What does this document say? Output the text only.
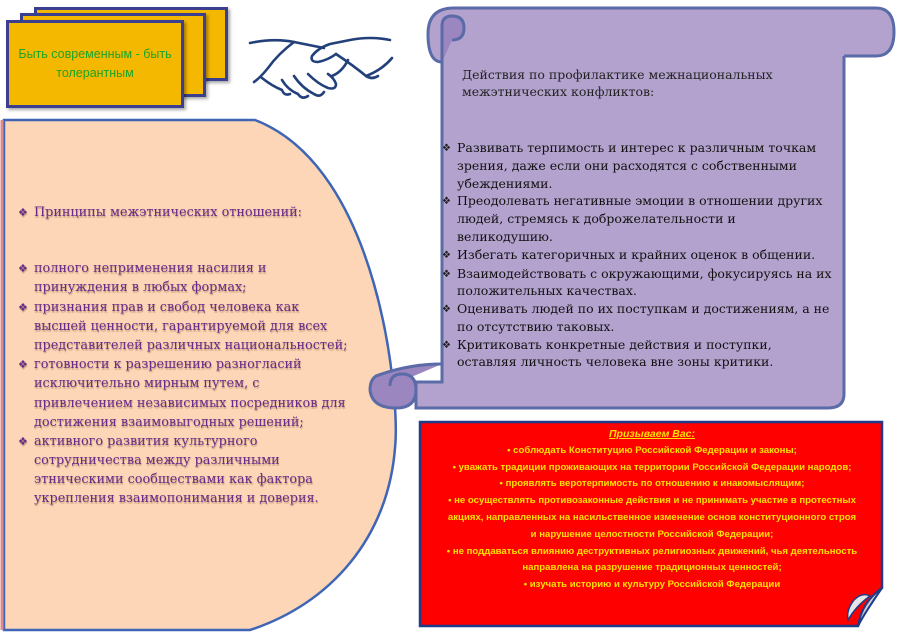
Быть современным - быть толерантным
❖ Принципы межэтнических отношений:
❖ полного неприменения насилия и принуждения в любых формах;
❖ признания прав и свобод человека как высшей ценности, гарантируемой для всех представителей различных национальностей;
❖ готовности к разрешению разногласий исключительно мирным путем, с привлечением независимых посредников для достижения взаимовыгодных решений;
❖ активного развития культурного сотрудничества между различными этническими сообществами как фактора укрепления взаимопонимания и доверия.
Действия по профилактике межнациональных межэтнических конфликтов:
❖ Развивать терпимость и интерес к различным точкам зрения, даже если они расходятся с собственными убеждениями.
❖ Преодолевать негативные эмоции в отношении других людей, стремясь к доброжелательности и великодушию.
❖ Избегать категоричных и крайних оценок в общении.
❖ Взаимодействовать с окружающими, фокусируясь на их положительных качествах.
❖ Оценивать людей по их поступкам и достижениям, а не по отсутствию таковых.
❖ Критиковать конкретные действия и поступки, оставляя личность человека вне зоны критики.
Призываем Вас:
• соблюдать Конституцию Российской Федерации и законы;
• уважать традиции проживающих на территории Российской Федерации народов;
• проявлять веротерпимость по отношению к инакомыслящим;
• не осуществлять противозаконные действия и не принимать участие в протестных
акциях, направленных на насильственное изменение основ конституционного строя
и нарушение целостности Российской Федерации;
• не поддаваться влиянию деструктивных религиозных движений, чья деятельность
направлена на разрушение традиционных ценностей;
• изучать историю и культуру Российской Федерации
